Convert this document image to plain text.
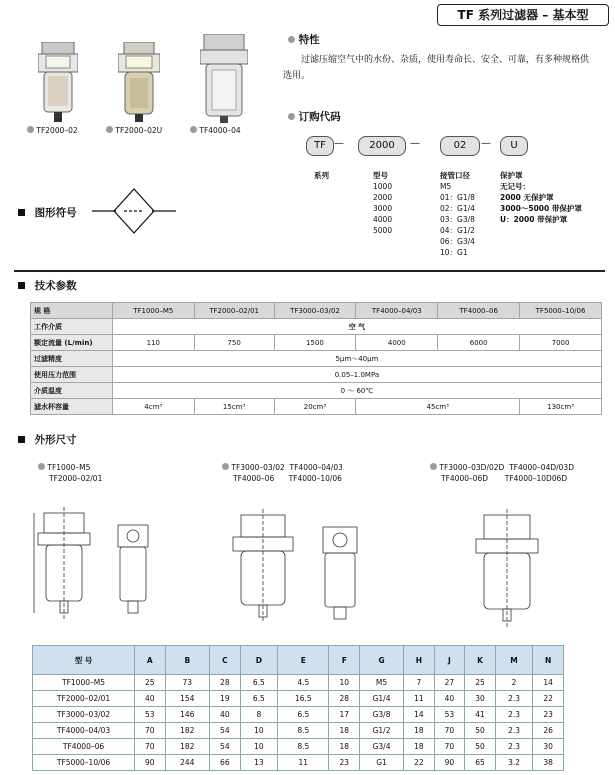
TF 系列过滤器 – 基本型
TF2000–02	TF2000–02U	TF4000–04
特性
过滤压缩空气中的水份、杂质，使用寿命长、安全、可靠，有多种规格供选用。
订购代码
TF —	2000	—	02	—	U
系列	型号
1000
2000
3000
4000
5000
接管口径
M5
01：G1/8
02：G1/4
03：G3/8
04：G1/2
06：G3/4
10：G1
保护罩
无记号：
2000 无保护罩
3000～5000 带保护罩
U：2000 带保护罩
图形符号
技术参数
规 格	TF1000–M5	TF2000–02/01	TF3000–03/02	TF4000–04/03	TF4000–06	TF5000–10/06
工作介质	空 气					
额定流量 (L/min)	110	750	1500	4000	6000	7000
过滤精度	5μm～40μm					
使用压力范围	0.05–1.0MPa					
介质温度	0 ～ 60℃					
滤水杯容量	4cm³	15cm³	20cm³	45cm³		130cm³
外形尺寸
TF1000–M5
TF2000–02/01
TF3000–03/02 TF4000–04/03
TF4000–06 TF4000–10/06
TF3000–03D/02D TF4000–04D/03D
TF4000–06D TF4000–10D06D
型 号	A	B	C	D	E	F	G	H	J	K	M	N
TF1000–M5	25	73	28	6.5	4.5	10	M5	7	27	25	2	14
TF2000–02/01	40	154	19	6.5	16.5	28	G1/4	11	40	30	2.3	22
TF3000–03/02	53	146	40	8	6.5	17	G3/8	14	53	41	2.3	23
TF4000–04/03	70	182	54	10	8.5	18	G1/2	18	70	50	2.3	26
TF4000–06	70	182	54	10	8.5	18	G3/4	18	70	50	2.3	30
TF5000–10/06	90	244	66	13	11	23	G1	22	90	65	3.2	38
